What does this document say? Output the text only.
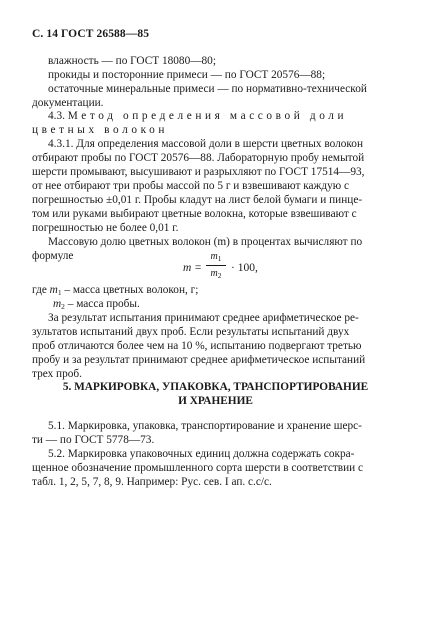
С. 14 ГОСТ 26588—85
влажность — по ГОСТ 18080—80;
прокиды и посторонние примеси — по ГОСТ 20576—88;
остаточные минеральные примеси — по нормативно-технической
документации.
4.3. Метод определения массовой доли
цветных волокон
4.3.1. Для определения массовой доли в шерсти цветных волокон
отбирают пробы по ГОСТ 20576—88. Лабораторную пробу немытой
шерсти промывают, высушивают и разрыхляют по ГОСТ 17514—93,
от нее отбирают три пробы массой по 5 г и взвешивают каждую с
погрешностью ±0,01 г. Пробы кладут на лист белой бумаги и пинце-
том или руками выбирают цветные волокна, которые взвешивают с
погрешностью не более 0,01 г.
Массовую долю цветных волокон (m) в процентах вычисляют по
формуле
m =
$m_1$
$m_2$
· 100,
где $m_1$ – масса цветных волокон, г;
$m_2$ – масса пробы.
За результат испытания принимают среднее арифметическое ре-
зультатов испытаний двух проб. Если результаты испытаний двух
проб отличаются более чем на 10 %, испытанию подвергают третью
пробу и за результат принимают среднее арифметическое испытаний
трех проб.
5. МАРКИРОВКА, УПАКОВКА, ТРАНСПОРТИРОВАНИЕ
И ХРАНЕНИЕ
5.1. Маркировка, упаковка, транспортирование и хранение шерс-
ти — по ГОСТ 5778—73.
5.2. Маркировка упаковочных единиц должна содержать сокра-
щенное обозначение промышленного сорта шерсти в соответствии с
табл. 1, 2, 5, 7, 8, 9. Например: Рус. сев. I ап. с.с/с.
